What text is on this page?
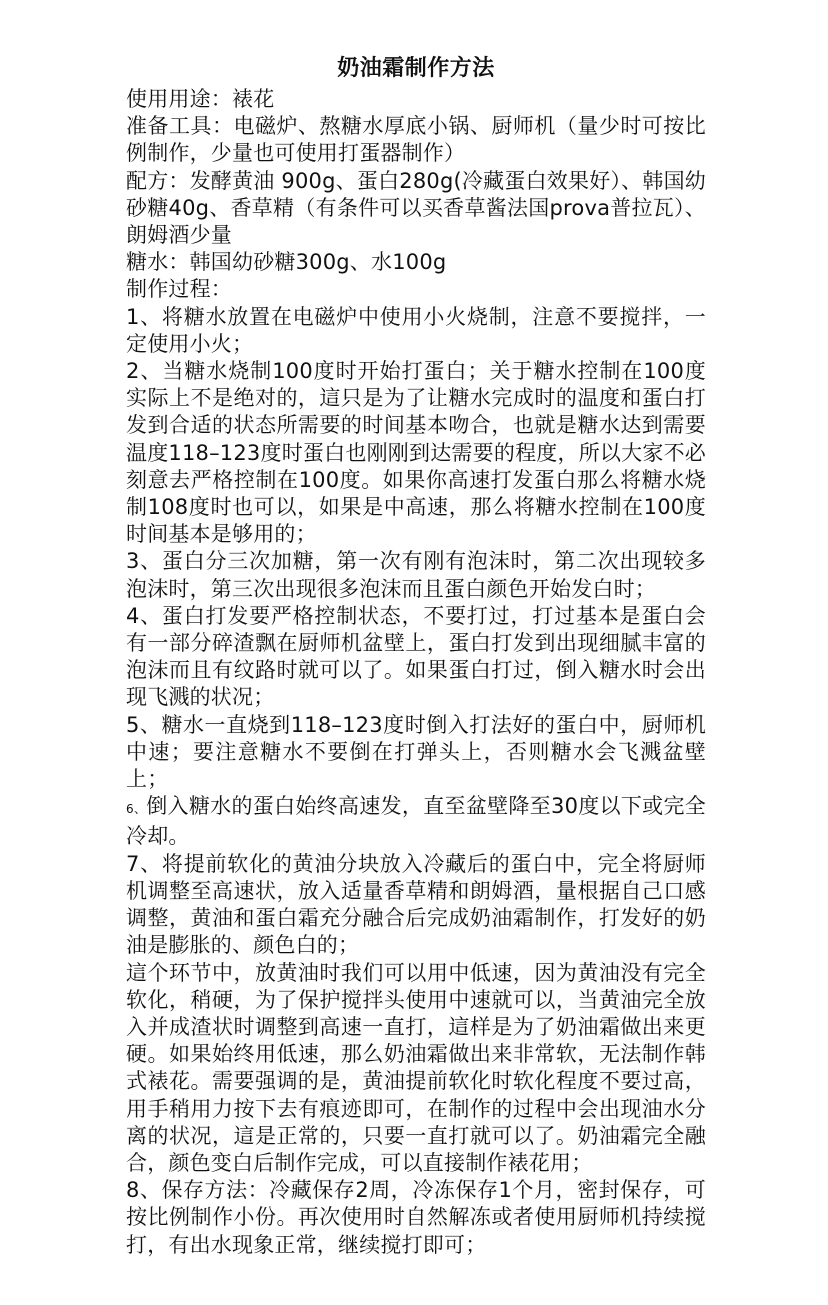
奶油霜制作方法

使用用途：裱花

准备工具：电磁炉、熬糖水厚底小锅、厨师机（量少时可按比例制作，少量也可使用打蛋器制作）

配方：发酵黄油 900g、蛋白280g(冷藏蛋白效果好）、韩国幼砂糖40g、香草精（有条件可以买香草酱法国prova普拉瓦）、朗姆酒少量

糖水：韩国幼砂糖300g、水100g

制作过程：

1、将糖水放置在电磁炉中使用小火烧制，注意不要搅拌，一定使用小火；

2、当糖水烧制100度时开始打蛋白；关于糖水控制在100度实际上不是绝对的，這只是为了让糖水完成时的温度和蛋白打发到合适的状态所需要的时间基本吻合，也就是糖水达到需要温度118–123度时蛋白也刚刚到达需要的程度，所以大家不必刻意去严格控制在100度。如果你高速打发蛋白那么将糖水烧制108度时也可以，如果是中高速，那么将糖水控制在100度时间基本是够用的；

3、蛋白分三次加糖，第一次有刚有泡沫时，第二次出现较多泡沫时，第三次出现很多泡沫而且蛋白颜色开始发白时；

4、蛋白打发要严格控制状态，不要打过，打过基本是蛋白会有一部分碎渣飘在厨师机盆壁上，蛋白打发到出现细腻丰富的泡沫而且有纹路时就可以了。如果蛋白打过，倒入糖水时会出现飞溅的状况；

5、糖水一直烧到118–123度时倒入打法好的蛋白中，厨师机中速；要注意糖水不要倒在打弹头上，否则糖水会飞溅盆壁上；

6、倒入糖水的蛋白始终高速发，直至盆壁降至30度以下或完全冷却。

7、将提前软化的黄油分块放入冷藏后的蛋白中，完全将厨师机调整至高速状，放入适量香草精和朗姆酒，量根据自己口感调整，黄油和蛋白霜充分融合后完成奶油霜制作，打发好的奶油是膨胀的、颜色白的；

這个环节中，放黄油时我们可以用中低速，因为黄油没有完全软化，稍硬，为了保护搅拌头使用中速就可以，当黄油完全放入并成渣状时调整到高速一直打，這样是为了奶油霜做出来更硬。如果始终用低速，那么奶油霜做出来非常软，无法制作韩式裱花。需要强调的是，黄油提前软化时软化程度不要过高，用手稍用力按下去有痕迹即可，在制作的过程中会出现油水分离的状况，這是正常的，只要一直打就可以了。奶油霜完全融合，颜色变白后制作完成，可以直接制作裱花用；

8、保存方法：冷藏保存2周，冷冻保存1个月，密封保存，可按比例制作小份。再次使用时自然解冻或者使用厨师机持续搅打，有出水现象正常，继续搅打即可；
